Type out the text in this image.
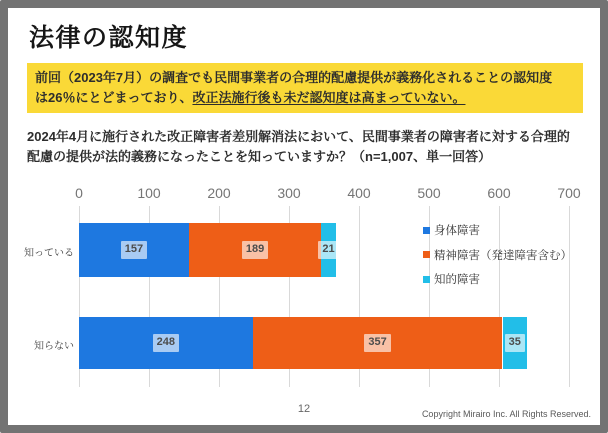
法律の認知度
前回（2023年7月）の調査でも民間事業者の合理的配慮提供が義務化されることの認知度は26％にとどまっており、改正法施行後も未だ認知度は高まっていない。
2024年4月に施行された改正障害者差別解消法において、民間事業者の障害者に対する合理的配慮の提供が法的義務になったことを知っていますか？（n=1,007、単一回答）
0	100	200	300	400	500	600	700
知っている	157	189	21
知らない	248	357	35
身体障害
精神障害（発達障害含む）
知的障害
12	Copyright Mirairo Inc. All Rights Reserved.
